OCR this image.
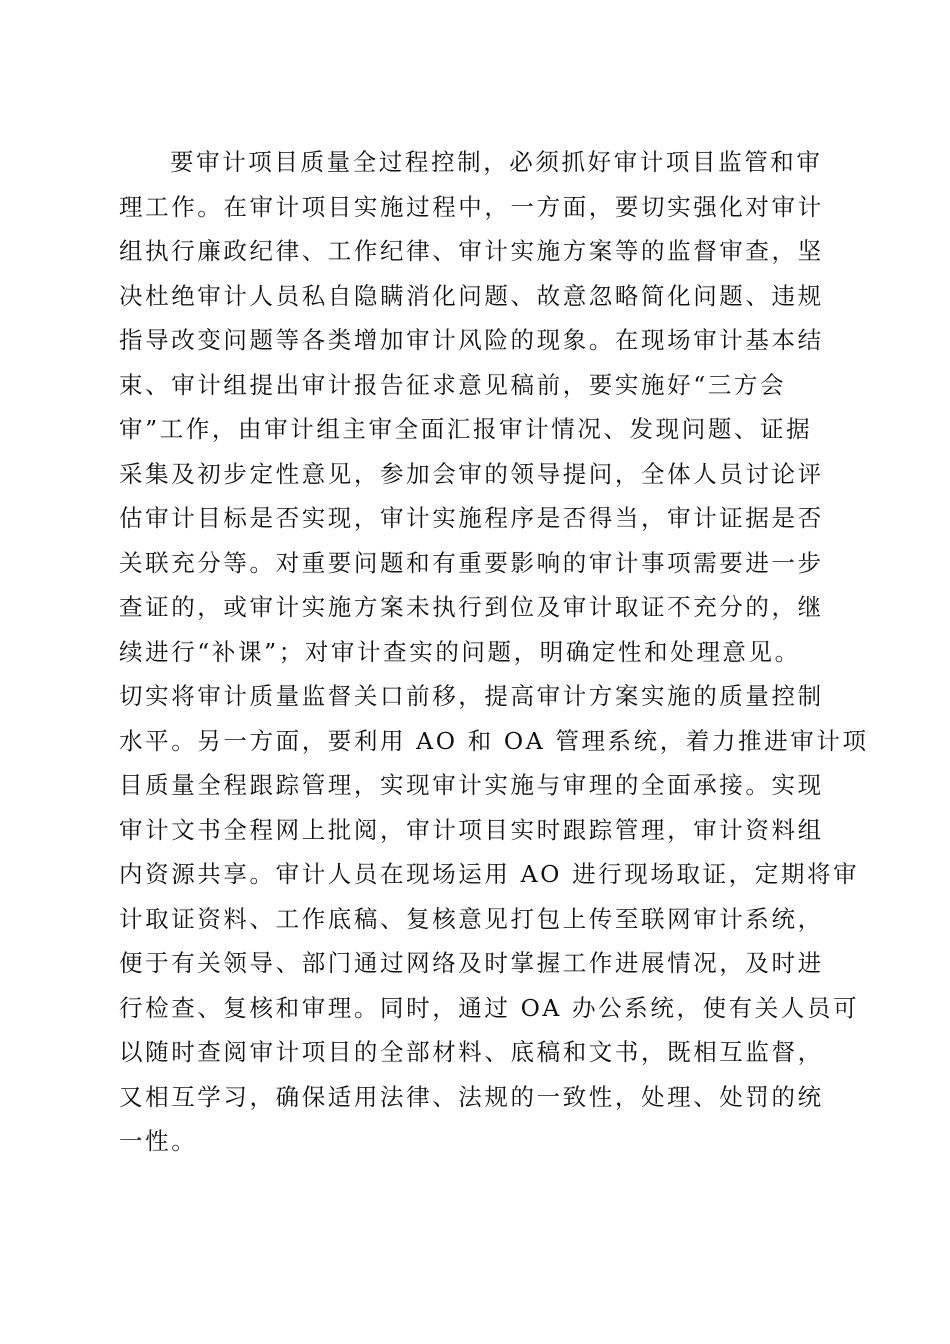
要审计项目质量全过程控制，必须抓好审计项目监管和审
理工作。在审计项目实施过程中，一方面，要切实强化对审计
组执行廉政纪律、工作纪律、审计实施方案等的监督审查，坚
决杜绝审计人员私自隐瞒消化问题、故意忽略简化问题、违规
指导改变问题等各类增加审计风险的现象。在现场审计基本结
束、审计组提出审计报告征求意见稿前，要实施好“三方会
审”工作，由审计组主审全面汇报审计情况、发现问题、证据
采集及初步定性意见，参加会审的领导提问，全体人员讨论评
估审计目标是否实现，审计实施程序是否得当，审计证据是否
关联充分等。对重要问题和有重要影响的审计事项需要进一步
查证的，或审计实施方案未执行到位及审计取证不充分的，继
续进行“补课”；对审计查实的问题，明确定性和处理意见。
切实将审计质量监督关口前移，提高审计方案实施的质量控制
水平。另一方面，要利用 AO 和 OA 管理系统，着力推进审计项
目质量全程跟踪管理，实现审计实施与审理的全面承接。实现
审计文书全程网上批阅，审计项目实时跟踪管理，审计资料组
内资源共享。审计人员在现场运用 AO 进行现场取证，定期将审
计取证资料、工作底稿、复核意见打包上传至联网审计系统，
便于有关领导、部门通过网络及时掌握工作进展情况，及时进
行检查、复核和审理。同时，通过 OA 办公系统，使有关人员可
以随时查阅审计项目的全部材料、底稿和文书，既相互监督，
又相互学习，确保适用法律、法规的一致性，处理、处罚的统
一性。
